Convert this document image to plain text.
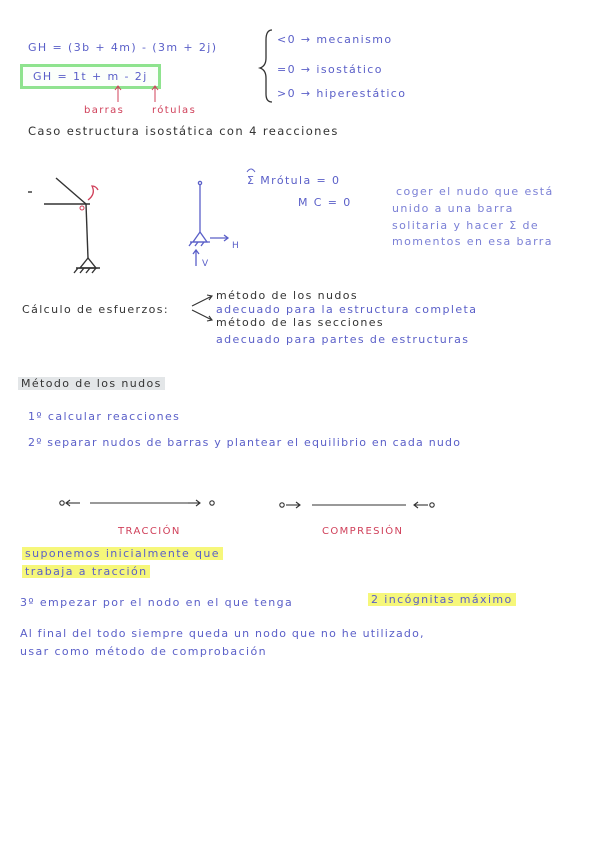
GH = (3b + 4m) - (3m + 2j)
GH = 1t + m - 2j
barras	rótulas
<0 → mecanismo
=0 → isostático
>0 → hiperestático
Caso estructura isostática con 4 reacciones
Σ Mrótula = 0
M C = 0
H
V
coger el nudo que está
unido a una barra
solitaria y hacer Σ de
momentos en esa barra
Cálculo de esfuerzos:
método de los nudos
adecuado para la estructura completa
método de las secciones
adecuado para partes de estructuras
Método de los nudos
1º calcular reacciones
2º separar nudos de barras y plantear el equilibrio en cada nudo
TRACCIÓN	COMPRESIÓN
suponemos inicialmente que
trabaja a tracción
3º empezar por el nodo en el que tenga	2 incógnitas máximo
Al final del todo siempre queda un nodo que no he utilizado,
usar como método de comprobación
